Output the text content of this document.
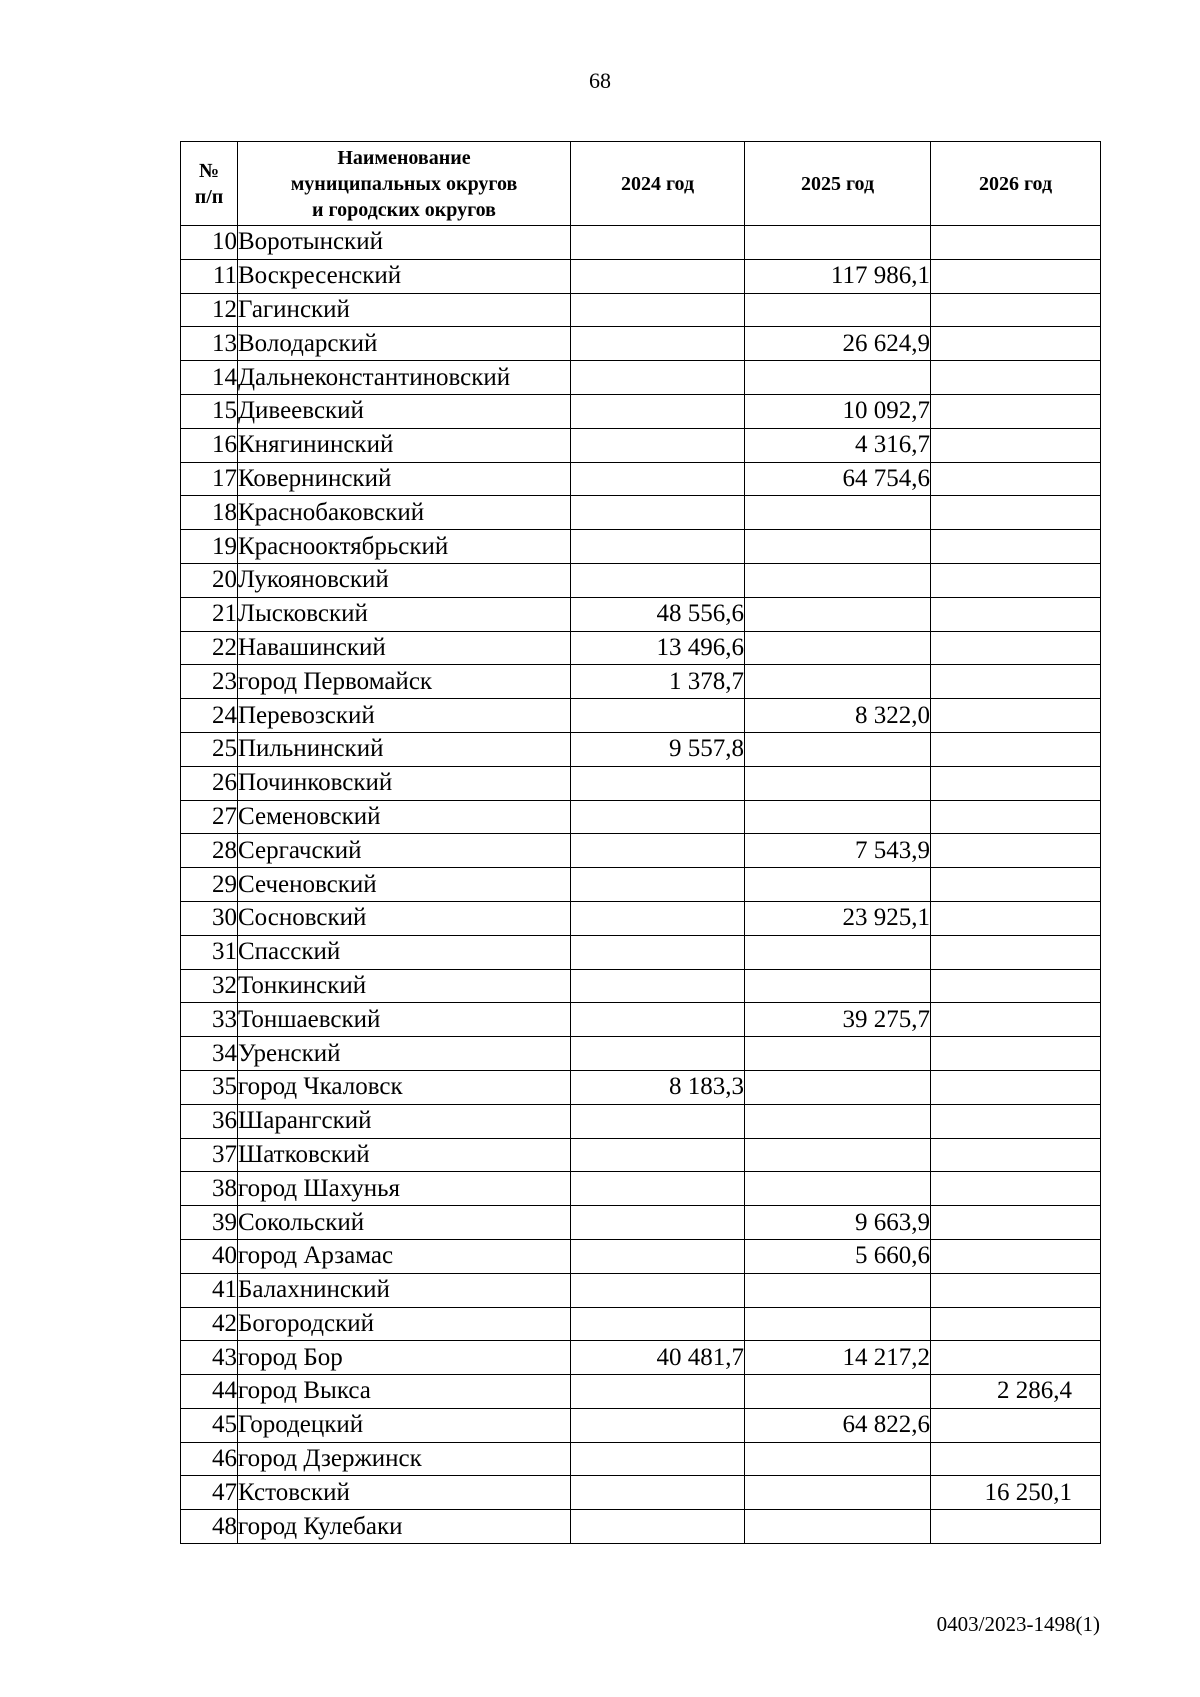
68
№
п/п	Наименование
муниципальных округов
и городских округов	2024 год	2025 год	2026 год
10	Воротынский			
11	Воскресенский		117 986,1	
12	Гагинский			
13	Володарский		26 624,9	
14	Дальнеконстантиновский			
15	Дивеевский		10 092,7	
16	Княгининский		4 316,7	
17	Ковернинский		64 754,6	
18	Краснобаковский			
19	Краснооктябрьский			
20	Лукояновский			
21	Лысковский	48 556,6		
22	Навашинский	13 496,6		
23	город Первомайск	1 378,7		
24	Перевозский		8 322,0	
25	Пильнинский	9 557,8		
26	Починковский			
27	Семеновский			
28	Сергачский		7 543,9	
29	Сеченовский			
30	Сосновский		23 925,1	
31	Спасский			
32	Тонкинский			
33	Тоншаевский		39 275,7	
34	Уренский			
35	город Чкаловск	8 183,3		
36	Шарангский			
37	Шатковский			
38	город Шахунья			
39	Сокольский		9 663,9	
40	город Арзамас		5 660,6	
41	Балахнинский			
42	Богородский			
43	город Бор	40 481,7	14 217,2	
44	город Выкса			2 286,4
45	Городецкий		64 822,6	
46	город Дзержинск			
47	Кстовский			16 250,1
48	город Кулебаки			
0403/2023-1498(1)
